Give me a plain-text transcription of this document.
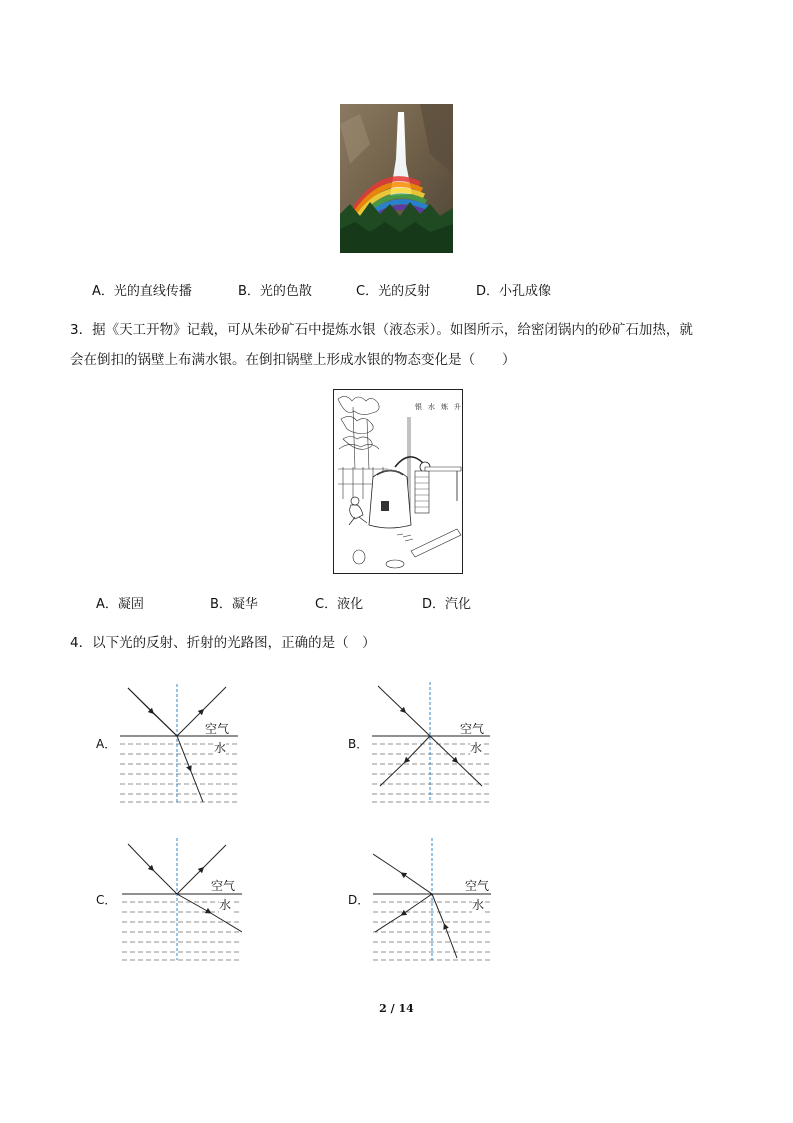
A．光的直线传播	B．光的色散	C．光的反射	D．小孔成像
3．据《天工开物》记载，可从朱砂矿石中提炼水银（液态汞）。如图所示，给密闭锅内的砂矿石加热，就
会在倒扣的锅壁上布满水银。在倒扣锅壁上形成水银的物态变化是（　　）
升
炼
水
银
A．凝固	B．凝华	C．液化	D．汽化
4．以下光的反射、折射的光路图，正确的是（　）
A．
空气
水	B．
空气
水
C．
空气
水	D．
空气
水
2 / 14
